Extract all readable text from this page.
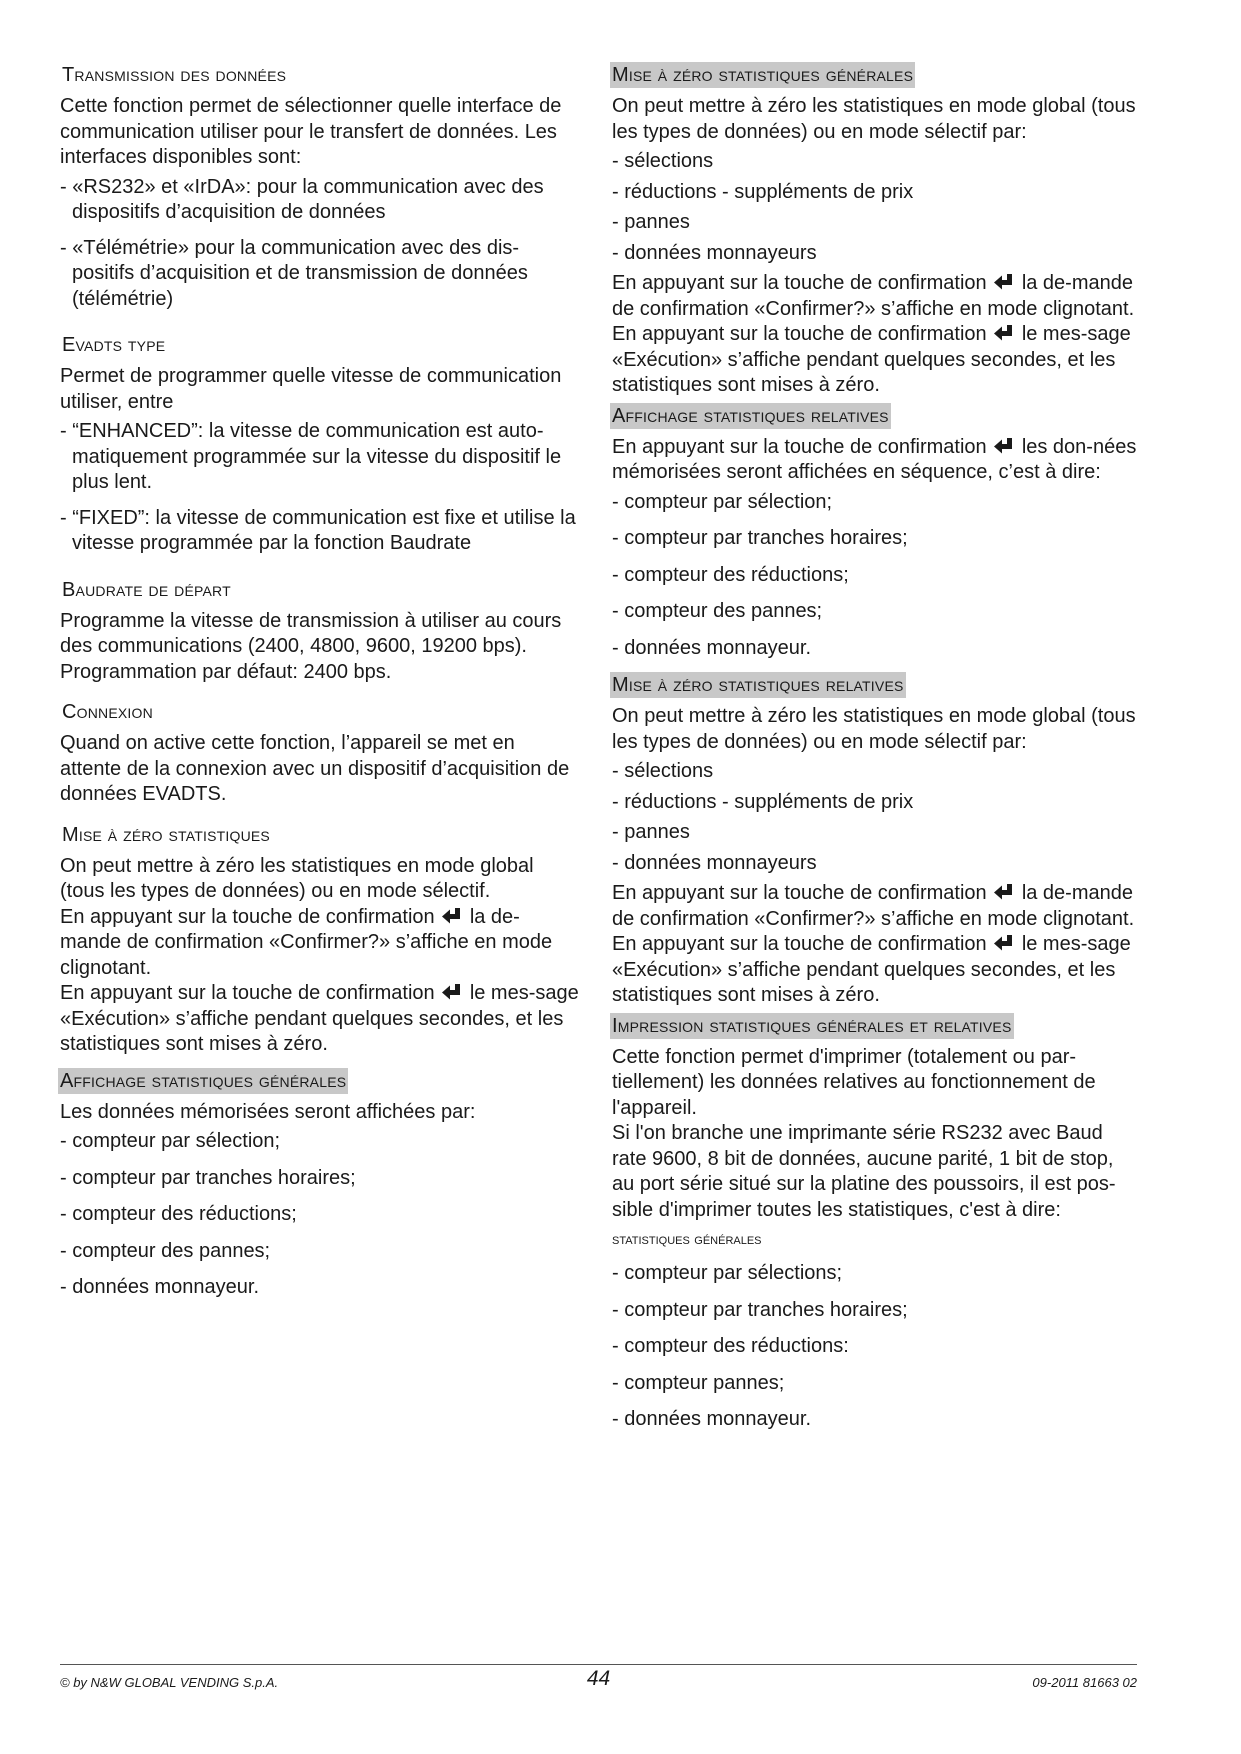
Transmission des données

Cette fonction permet de sélectionner quelle interface de communication utiliser pour le transfert de données. Les interfaces disponibles sont:

- «RS232» et «IrDA»: pour la communication avec des dispositifs d’acquisition de données
- «Télémétrie» pour la communication avec des dis-positifs d’acquisition et de transmission de données (télémétrie)
Evadts type

Permet de programmer quelle vitesse de communication utiliser, entre

- “ENHANCED”: la vitesse de communication est auto-matiquement programmée sur la vitesse du dispositif le plus lent.
- “FIXED”: la vitesse de communication est fixe et utilise la vitesse programmée par la fonction Baudrate
Baudrate de départ

Programme la vitesse de transmission à utiliser au cours des communications (2400, 4800, 9600, 19200 bps). Programmation par défaut: 2400 bps.

Connexion

Quand on active cette fonction, l’appareil se met en attente de la connexion avec un dispositif d’acquisition de données EVADTS.

Mise à zéro statistiques

On peut mettre à zéro les statistiques en mode global (tous les types de données) ou en mode sélectif.

En appuyant sur la touche de confirmation la de-mande de confirmation «Confirmer?» s’affiche en mode clignotant.

En appuyant sur la touche de confirmation le mes-sage «Exécution» s’affiche pendant quelques secondes, et les statistiques sont mises à zéro.

Affichage statistiques générales

Les données mémorisées seront affichées par:

- compteur par sélection;
- compteur par tranches horaires;
- compteur des réductions;
- compteur des pannes;
- données monnayeur.
Mise à zéro statistiques générales

On peut mettre à zéro les statistiques en mode global (tous les types de données) ou en mode sélectif par:

- sélections
- réductions - suppléments de prix
- pannes
- données monnayeurs

En appuyant sur la touche de confirmation la de-mande de confirmation «Confirmer?» s’affiche en mode clignotant.

En appuyant sur la touche de confirmation le mes-sage «Exécution» s’affiche pendant quelques secondes, et les statistiques sont mises à zéro.

Affichage statistiques relatives

En appuyant sur la touche de confirmation les don-nées mémorisées seront affichées en séquence, c’est à dire:

- compteur par sélection;
- compteur par tranches horaires;
- compteur des réductions;
- compteur des pannes;
- données monnayeur.
Mise à zéro statistiques relatives

On peut mettre à zéro les statistiques en mode global (tous les types de données) ou en mode sélectif par:

- sélections
- réductions - suppléments de prix
- pannes
- données monnayeurs

En appuyant sur la touche de confirmation la de-mande de confirmation «Confirmer?» s’affiche en mode clignotant.

En appuyant sur la touche de confirmation le mes-sage «Exécution» s’affiche pendant quelques secondes, et les statistiques sont mises à zéro.

Impression statistiques générales et relatives

Cette fonction permet d'imprimer (totalement ou par-tiellement) les données relatives au fonctionnement de l'appareil.

Si l'on branche une imprimante série RS232 avec Baud rate 9600, 8 bit de données, aucune parité, 1 bit de stop, au port série situé sur la platine des poussoirs, il est pos-sible d'imprimer toutes les statistiques, c'est à dire:

statistiques générales
- compteur par sélections;
- compteur par tranches horaires;
- compteur des réductions:
- compteur pannes;
- données monnayeur.
© by N&W GLOBAL VENDING S.p.A.	44	09-2011 81663 02
